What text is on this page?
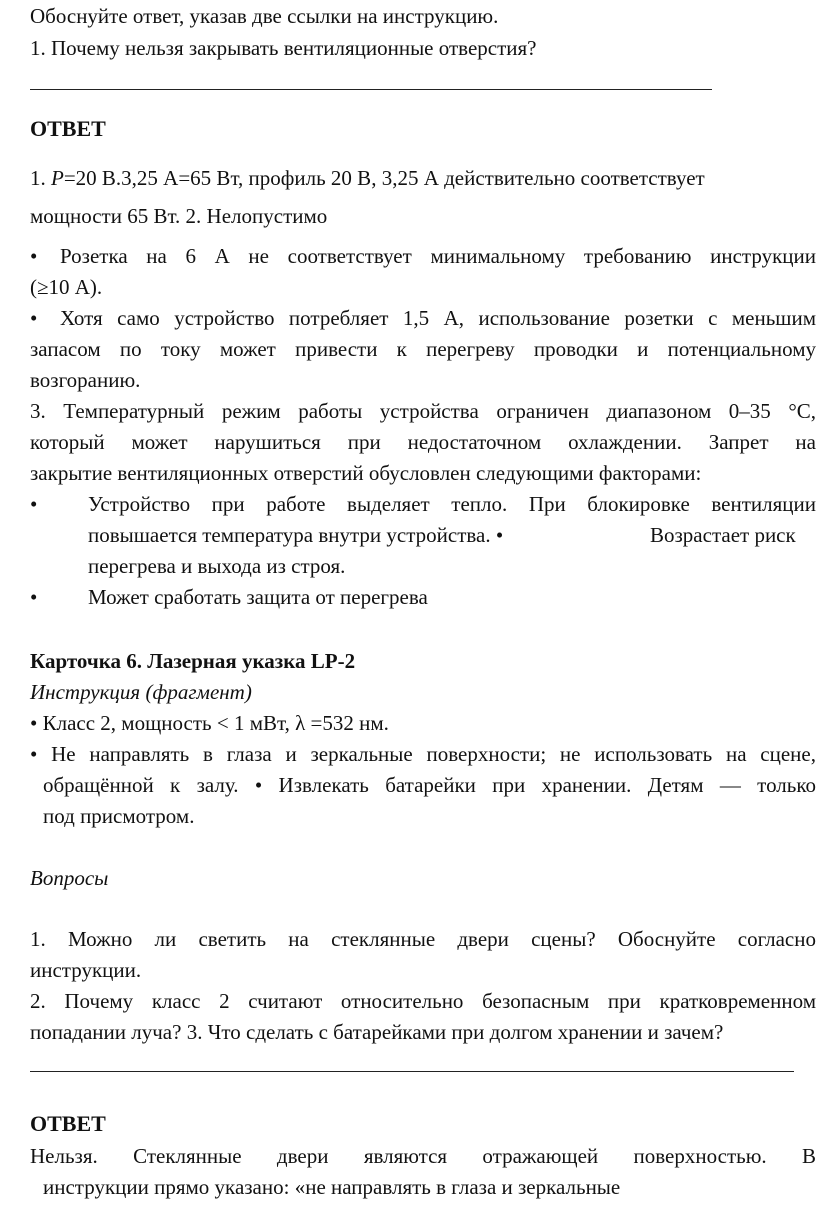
Обоснуйте ответ, указав две ссылки на инструкцию.
1. Почему нельзя закрывать вентиляционные отверстия?
ОТВЕТ
1. P=20 В.3,25 А=65 Вт, профиль 20 В, 3,25 А действительно соответствует
мощности 65 Вт. 2. Нелопустимо
• Розетка на 6 А не соответствует минимальному требованию инструкции
(≥10 А).
• Хотя само устройство потребляет 1,5 А, использование розетки с меньшим
запасом по току может привести к перегреву проводки и потенциальному
возгоранию.
3. Температурный режим работы устройства ограничен диапазоном 0–35 °С,
который может нарушиться при недостаточном охлаждении. Запрет на
закрытие вентиляционных отверстий обусловлен следующими факторами:
• Устройство при работе выделяет тепло. При блокировке вентиляции
повышается температура внутри устройства. •	Возрастает риск
перегрева и выхода из строя.
• Может сработать защита от перегрева
Карточка 6. Лазерная указка LP-2
Инструкция (фрагмент)
• Класс 2, мощность < 1 мВт, λ =532 нм.
• Не направлять в глаза и зеркальные поверхности; не использовать на сцене,
обращённой к залу. • Извлекать батарейки при хранении. Детям — только
под присмотром.
Вопросы
1. Можно ли светить на стеклянные двери сцены? Обоснуйте согласно
инструкции.
2. Почему класс 2 считают относительно безопасным при кратковременном
попадании луча? 3. Что сделать с батарейками при долгом хранении и зачем?
ОТВЕТ
Нельзя. Стеклянные двери являются отражающей поверхностью. В
инструкции прямо указано: «не направлять в глаза и зеркальные
